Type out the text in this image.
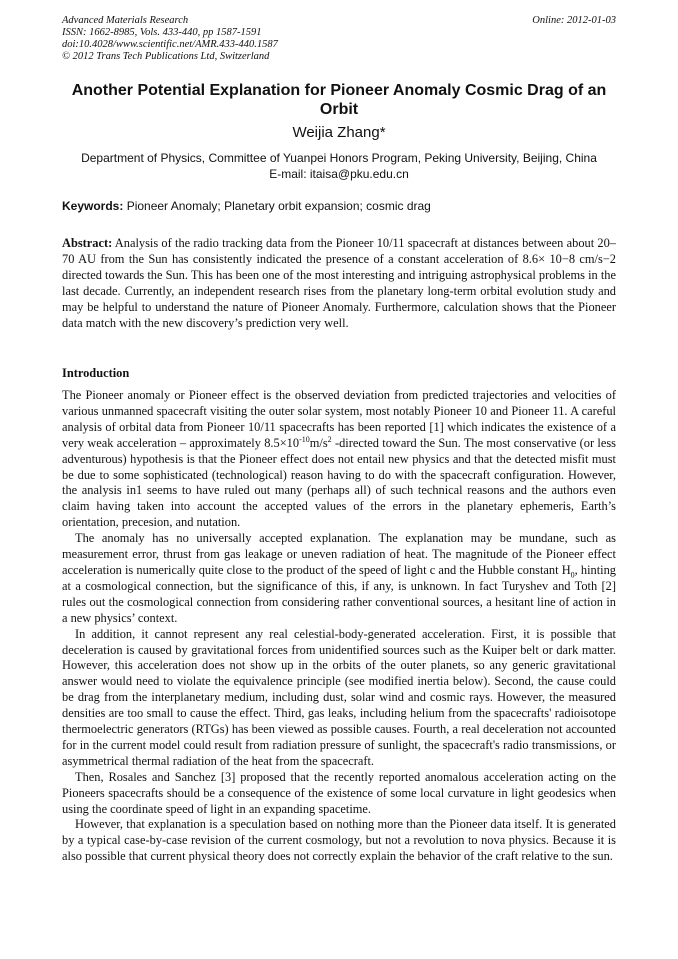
Advanced Materials Research
ISSN: 1662-8985, Vols. 433-440, pp 1587-1591
doi:10.4028/www.scientific.net/AMR.433-440.1587
© 2012 Trans Tech Publications Ltd, Switzerland
Online: 2012-01-03
Another Potential Explanation for Pioneer Anomaly Cosmic Drag of an Orbit
Weijia Zhang*
Department of Physics, Committee of Yuanpei Honors Program, Peking University, Beijing, China
E-mail: itaisa@pku.edu.cn
Keywords: Pioneer Anomaly; Planetary orbit expansion; cosmic drag
Abstract: Analysis of the radio tracking data from the Pioneer 10/11 spacecraft at distances between about 20–70 AU from the Sun has consistently indicated the presence of a constant acceleration of 8.6× 10−8 cm/s−2 directed towards the Sun. This has been one of the most interesting and intriguing astrophysical problems in the last decade. Currently, an independent research rises from the planetary long-term orbital evolution study and may be helpful to understand the nature of Pioneer Anomaly. Furthermore, calculation shows that the Pioneer data match with the new discovery’s prediction very well.
Introduction

The Pioneer anomaly or Pioneer effect is the observed deviation from predicted trajectories and velocities of various unmanned spacecraft visiting the outer solar system, most notably Pioneer 10 and Pioneer 11. A careful analysis of orbital data from Pioneer 10/11 spacecrafts has been reported [1] which indicates the existence of a very weak acceleration – approximately $8.5\times 10^{-10}m/s^2$ -directed toward the Sun. The most conservative (or less adventurous) hypothesis is that the Pioneer effect does not entail new physics and that the detected misfit must be due to some sophisticated (technological) reason having to do with the spacecraft configuration. However, the analysis in1 seems to have ruled out many (perhaps all) of such technical reasons and the authors even claim having taken into account the accepted values of the errors in the planetary ephemeris, Earth’s orientation, precesion, and nutation.

The anomaly has no universally accepted explanation. The explanation may be mundane, such as measurement error, thrust from gas leakage or uneven radiation of heat. The magnitude of the Pioneer effect acceleration is numerically quite close to the product of the speed of light c and the Hubble constant $H_0$, hinting at a cosmological connection, but the significance of this, if any, is unknown. In fact Turyshev and Toth [2] rules out the cosmological connection from considering rather conventional sources, a hesitant line of action in a new physics’ context.

In addition, it cannot represent any real celestial-body-generated acceleration. First, it is possible that deceleration is caused by gravitational forces from unidentified sources such as the Kuiper belt or dark matter. However, this acceleration does not show up in the orbits of the outer planets, so any generic gravitational answer would need to violate the equivalence principle (see modified inertia below). Second, the cause could be drag from the interplanetary medium, including dust, solar wind and cosmic rays. However, the measured densities are too small to cause the effect. Third, gas leaks, including helium from the spacecrafts' radioisotope thermoelectric generators (RTGs) has been viewed as possible causes. Fourth, a real deceleration not accounted for in the current model could result from radiation pressure of sunlight, the spacecraft's radio transmissions, or asymmetrical thermal radiation of the heat from the spacecraft.

Then, Rosales and Sanchez [3] proposed that the recently reported anomalous acceleration acting on the Pioneers spacecrafts should be a consequence of the existence of some local curvature in light geodesics when using the coordinate speed of light in an expanding spacetime.

However, that explanation is a speculation based on nothing more than the Pioneer data itself. It is generated by a typical case-by-case revision of the current cosmology, but not a revolution to nova physics. Because it is also possible that current physical theory does not correctly explain the behavior of the craft relative to the sun.
